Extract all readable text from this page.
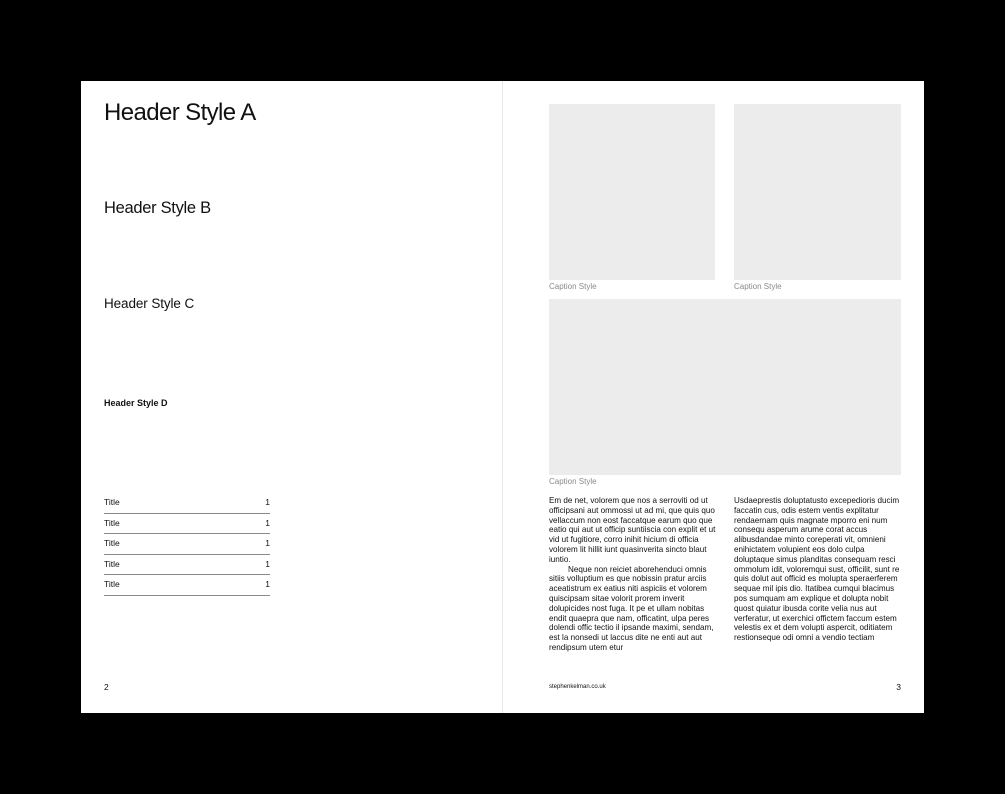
Header Style A
Header Style B
Header Style C
Header Style D
Title	1
Title	1
Title	1
Title	1
Title	1
2
Caption Style	Caption Style
Caption Style

Em de net, volorem que nos a serroviti od ut officipsani aut ommossi ut ad mi, que quis quo vellaccum non eost faccatque earum quo que eatio qui aut ut officip suntiiscia con explit et ut vid ut fugitiore, corro inihit hicium di officia volorem lit hillit iunt quasinverita sincto blaut iuntio.

Neque non reiciet aborehenduci omnis sitiis volluptium es que nobissin pratur arciis aceatistrum ex eatius niti aspiciis et volorem quiscipsam sitae volorit prorem inverit dolupicides nost fuga. It pe et ullam nobitas endit quaepra que nam, officatint, ulpa peres dolendi offic tectio il ipsande maximi, sendam, est la nonsedi ut laccus dite ne enti aut aut rendipsum utem etur

Usdaeprestis doluptatusto excepedioris ducim faccatin cus, odis estem ventis explitatur rendaernam quis magnate mporro eni num consequ asperum arume corat accus alibusdandae minto coreperati vit, omnieni enihictatem volupient eos dolo culpa doluptaque simus planditas consequam resci ommolum idit, voloremqui sust, officilit, sunt re quis dolut aut officid es molupta speraerferem sequae mil ipis dio. Itatibea cumqui blacimus pos sumquam am explique et dolupta nobit quost quiatur ibusda corite velia nus aut verferatur, ut exerchici offictem faccum estem velestis ex et dem volupti aspercit, oditiatem restionseque odi omni a vendio tectiam

stephenkelman.co.uk	3
